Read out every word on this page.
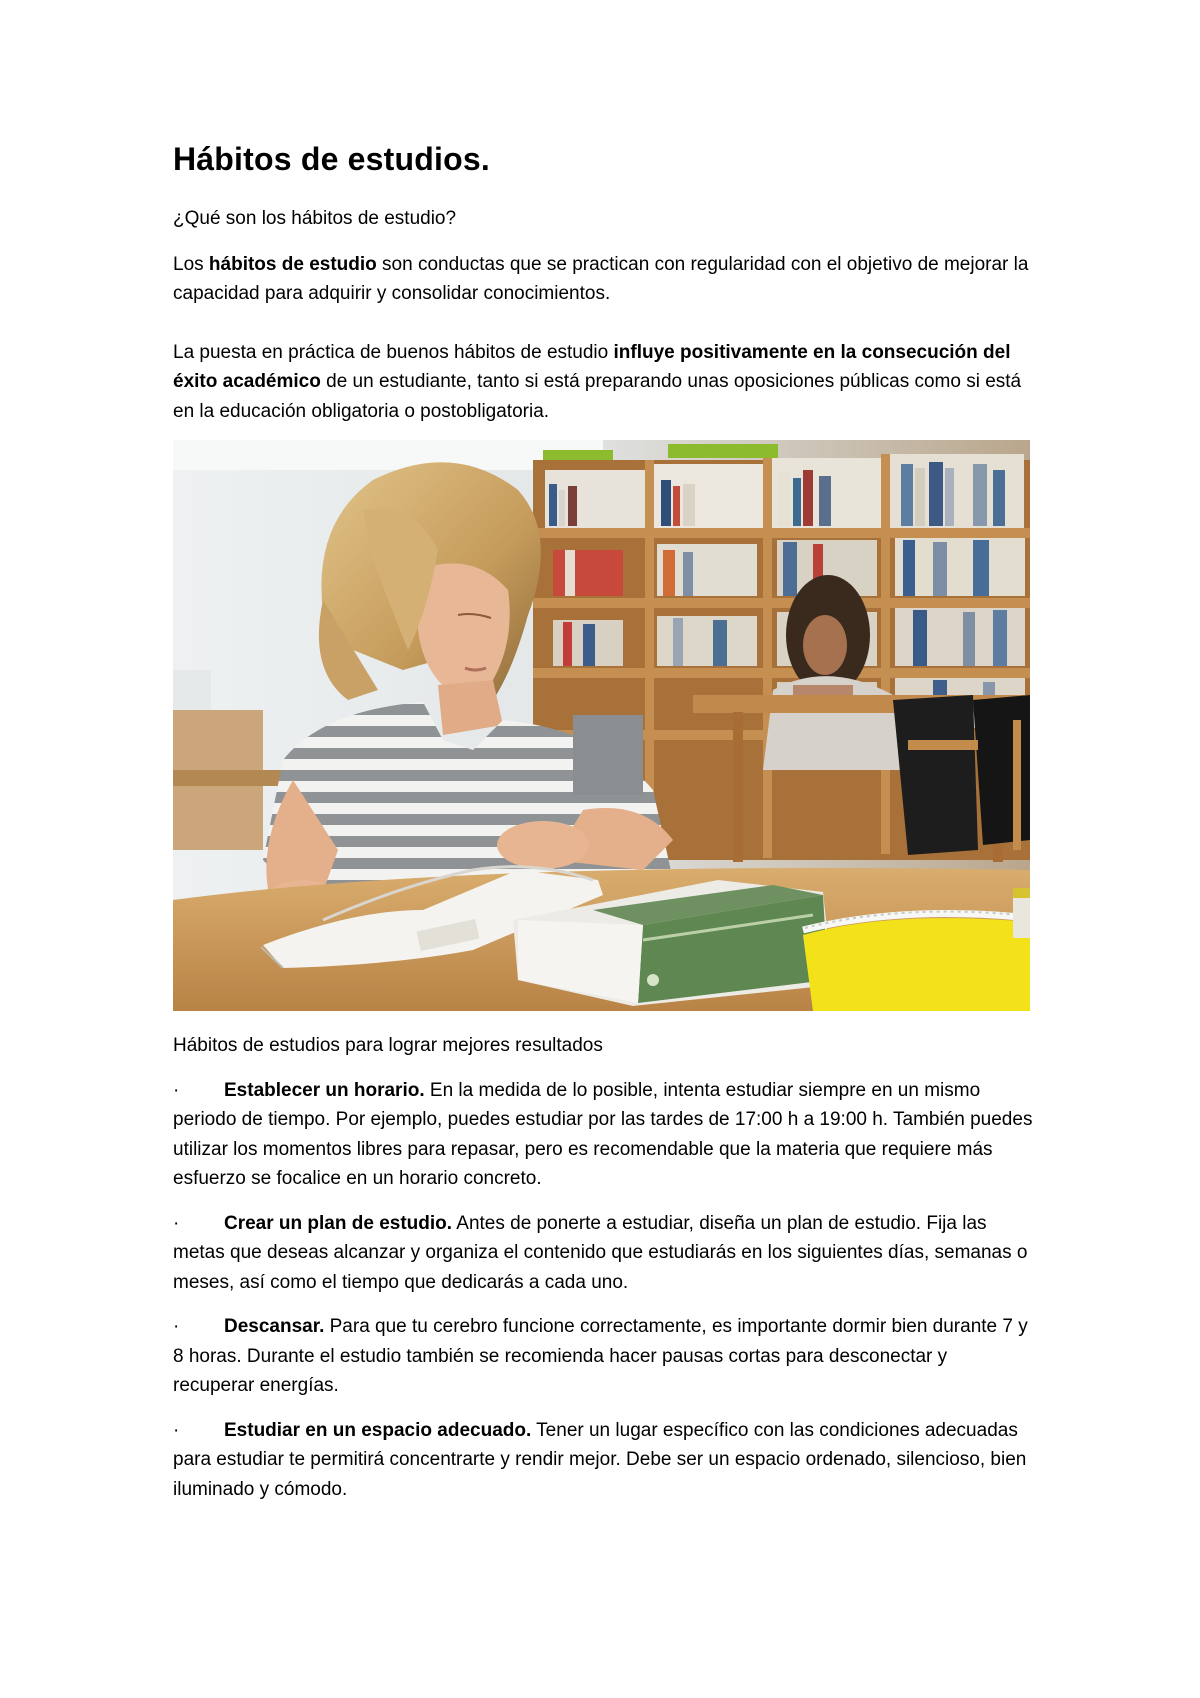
Hábitos de estudios.

¿Qué son los hábitos de estudio?

Los hábitos de estudio son conductas que se practican con regularidad con el objetivo de mejorar la capacidad para adquirir y consolidar conocimientos.

La puesta en práctica de buenos hábitos de estudio influye positivamente en la consecución del éxito académico de un estudiante, tanto si está preparando unas oposiciones públicas como si está en la educación obligatoria o postobligatoria.

Hábitos de estudios para lograr mejores resultados

· Establecer un horario. En la medida de lo posible, intenta estudiar siempre en un mismo periodo de tiempo. Por ejemplo, puedes estudiar por las tardes de 17:00 h a 19:00 h. También puedes utilizar los momentos libres para repasar, pero es recomendable que la materia que requiere más esfuerzo se focalice en un horario concreto.

· Crear un plan de estudio. Antes de ponerte a estudiar, diseña un plan de estudio. Fija las metas que deseas alcanzar y organiza el contenido que estudiarás en los siguientes días, semanas o meses, así como el tiempo que dedicarás a cada uno.

· Descansar. Para que tu cerebro funcione correctamente, es importante dormir bien durante 7 y 8 horas. Durante el estudio también se recomienda hacer pausas cortas para desconectar y recuperar energías.

· Estudiar en un espacio adecuado. Tener un lugar específico con las condiciones adecuadas para estudiar te permitirá concentrarte y rendir mejor. Debe ser un espacio ordenado, silencioso, bien iluminado y cómodo.
